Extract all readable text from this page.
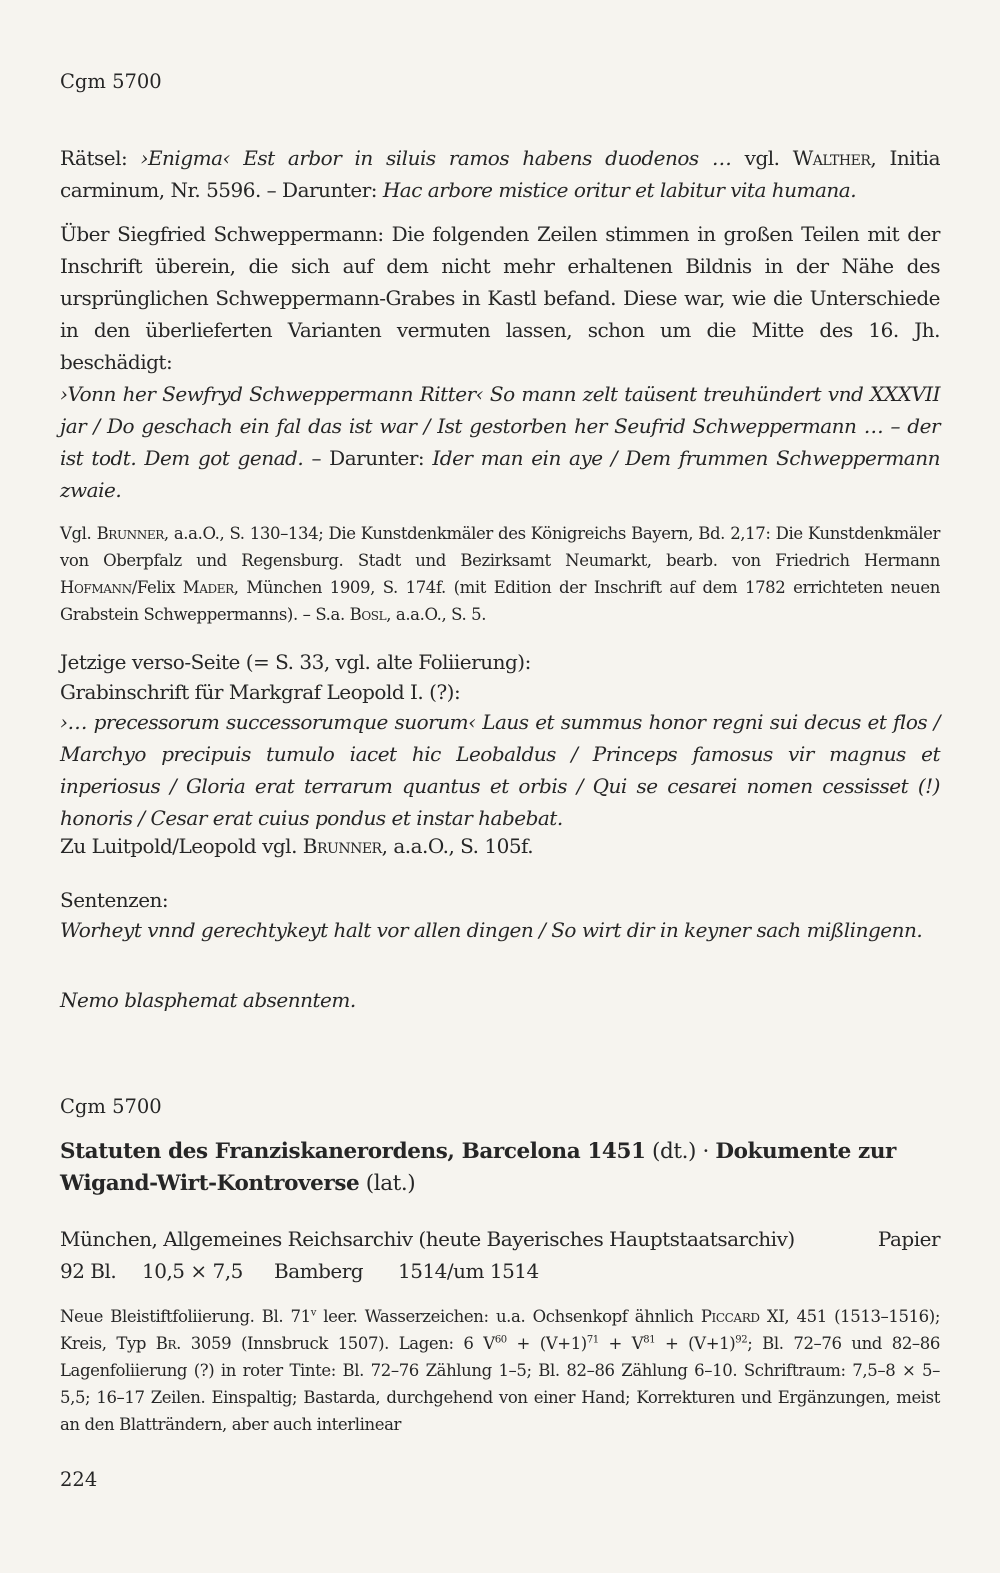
Cgm 5700

Rätsel: ›Enigma‹ Est arbor in siluis ramos habens duodenos … vgl. Walther, Initia carminum, Nr. 5596. – Darunter: Hac arbore mistice oritur et labitur vita humana.

Über Siegfried Schweppermann: Die folgenden Zeilen stimmen in großen Teilen mit der Inschrift überein, die sich auf dem nicht mehr erhaltenen Bildnis in der Nähe des ursprünglichen Schweppermann-Grabes in Kastl befand. Diese war, wie die Unterschiede in den überlieferten Varianten vermuten lassen, schon um die Mitte des 16. Jh. beschädigt:

›Vonn her Sewfryd Schweppermann Ritter‹ So mann zelt taüsent treuhündert vnd XXXVII jar / Do geschach ein fal das ist war / Ist gestorben her Seufrid Schweppermann … – der ist todt. Dem got genad. – Darunter: Ider man ein aye / Dem frummen Schweppermann zwaie.

Vgl. Brunner, a.a.O., S. 130–134; Die Kunstdenkmäler des Königreichs Bayern, Bd. 2,17: Die Kunstdenkmäler von Oberpfalz und Regensburg. Stadt und Bezirksamt Neumarkt, bearb. von Friedrich Hermann Hofmann/Felix Mader, München 1909, S. 174f. (mit Edition der Inschrift auf dem 1782 errichteten neuen Grabstein Schweppermanns). – S.a. Bosl, a.a.O., S. 5.

Jetzige verso-Seite (= S. 33, vgl. alte Foliierung):
Grabinschrift für Markgraf Leopold I. (?):

›… precessorum successorumque suorum‹ Laus et summus honor regni sui decus et flos / Marchyo precipuis tumulo iacet hic Leobaldus / Princeps famosus vir magnus et inperiosus / Gloria erat terrarum quantus et orbis / Qui se cesarei nomen cessisset (!) honoris / Cesar erat cuius pondus et instar habebat.

Zu Luitpold/Leopold vgl. Brunner, a.a.O., S. 105f.
Sentenzen:

Worheyt vnnd gerechtykeyt halt vor allen dingen / So wirt dir in keyner sach mißlingenn.

Nemo blasphemat absenntem.
Cgm 5700

Statuten des Franziskanerordens, Barcelona 1451 (dt.) · Dokumente zur Wigand-Wirt-Kontroverse (lat.)

München, Allgemeines Reichsarchiv (heute Bayerisches Hauptstaatsarchiv)	Papier
92 Bl. 10,5 × 7,5 Bamberg 1514/um 1514

Neue Bleistiftfoliierung. Bl. 71$^v$ leer. Wasserzeichen: u.a. Ochsenkopf ähnlich Piccard XI, 451 (1513–1516); Kreis, Typ Br. 3059 (Innsbruck 1507). Lagen: 6 $V^{60} + (V+1)^{71} + V^{81} + (V+1)^{92}$; Bl. 72–76 und 82–86 Lagenfoliierung (?) in roter Tinte: Bl. 72–76 Zählung 1–5; Bl. 82–86 Zählung 6–10. Schriftraum: 7,5–8 × 5–5,5; 16–17 Zeilen. Einspaltig; Bastarda, durchgehend von einer Hand; Korrekturen und Ergänzungen, meist an den Blatträndern, aber auch interlinear

224
